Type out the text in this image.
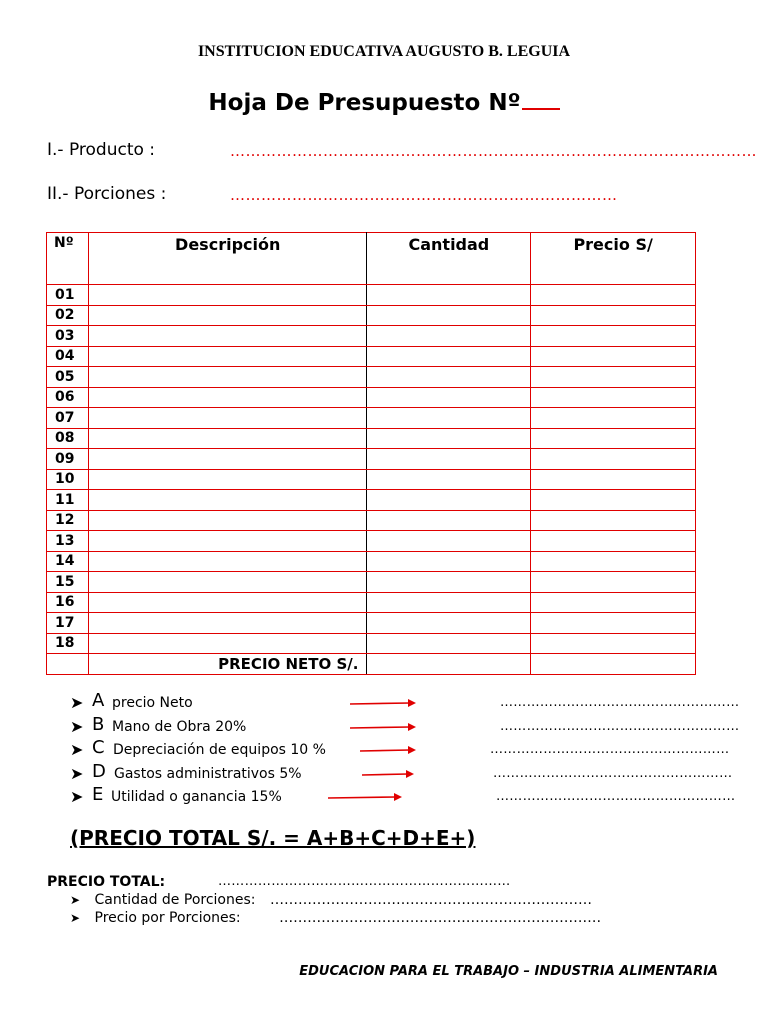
INSTITUCION EDUCATIVA AUGUSTO B. LEGUIA
Hoja De Presupuesto Nº
I.- Producto :	…………………………………………………………………………………………
II.- Porciones :	…………………………………………………………………
Nº	Descripción	Cantidad	Precio S/
01			
02			
03			
04			
05			
06			
07			
08			
09			
10			
11			
12			
13			
14			
15			
16			
17			
18			
	PRECIO NETO S/.		
➤ A precio Neto	………………………………………………
➤ B Mano de Obra 20%	………………………………………………
➤ C Depreciación de equipos 10 %	………………………………………………
➤ D Gastos administrativos 5%	………………………………………………
➤ E Utilidad o ganancia 15%	………………………………………………
(PRECIO TOTAL S/. = A+B+C+D+E+)
PRECIO TOTAL:	…………………………………………………………
➤ Cantidad de Porciones: ……………………………………………………………
➤ Precio por Porciones:	……………………………………………………………
EDUCACION PARA EL TRABAJO – INDUSTRIA ALIMENTARIA
